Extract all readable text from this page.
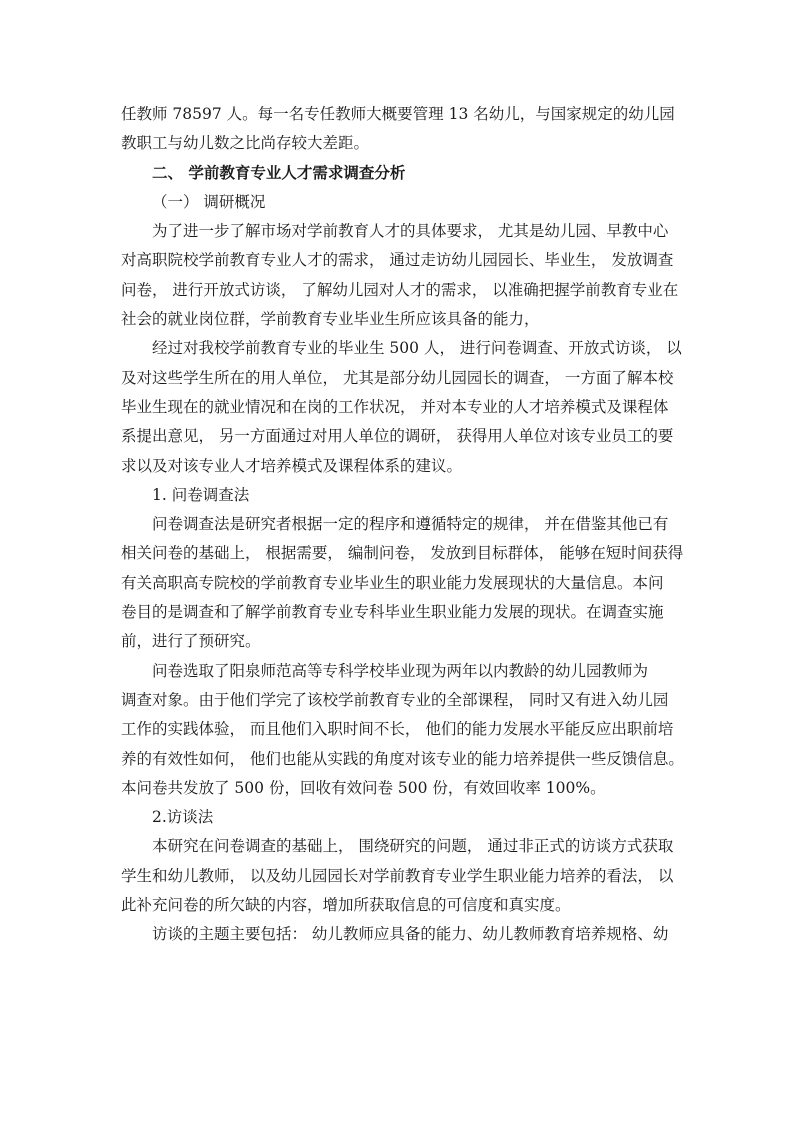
任教师 78597 人。每一名专任教师大概要管理 13 名幼儿，与国家规定的幼儿园
教职工与幼儿数之比尚存较大差距。
二、 学前教育专业人才需求调查分析
（一） 调研概况
为了进一步了解市场对学前教育人才的具体要求， 尤其是幼儿园、早教中心
对高职院校学前教育专业人才的需求， 通过走访幼儿园园长、毕业生， 发放调查
问卷， 进行开放式访谈， 了解幼儿园对人才的需求， 以准确把握学前教育专业在
社会的就业岗位群，学前教育专业毕业生所应该具备的能力，
经过对我校学前教育专业的毕业生 500 人， 进行问卷调查、开放式访谈， 以
及对这些学生所在的用人单位， 尤其是部分幼儿园园长的调查， 一方面了解本校
毕业生现在的就业情况和在岗的工作状况， 并对本专业的人才培养模式及课程体
系提出意见， 另一方面通过对用人单位的调研， 获得用人单位对该专业员工的要
求以及对该专业人才培养模式及课程体系的建议。
1. 问卷调查法
问卷调查法是研究者根据一定的程序和遵循特定的规律， 并在借鉴其他已有
相关问卷的基础上， 根据需要， 编制问卷， 发放到目标群体， 能够在短时间获得
有关高职高专院校的学前教育专业毕业生的职业能力发展现状的大量信息。本问
卷目的是调查和了解学前教育专业专科毕业生职业能力发展的现状。在调查实施
前，进行了预研究。
问卷选取了阳泉师范高等专科学校毕业现为两年以内教龄的幼儿园教师为
调查对象。由于他们学完了该校学前教育专业的全部课程， 同时又有进入幼儿园
工作的实践体验， 而且他们入职时间不长， 他们的能力发展水平能反应出职前培
养的有效性如何， 他们也能从实践的角度对该专业的能力培养提供一些反馈信息。
本问卷共发放了 500 份，回收有效问卷 500 份，有效回收率 100%。
2.访谈法
本研究在问卷调查的基础上， 围绕研究的问题， 通过非正式的访谈方式获取
学生和幼儿教师， 以及幼儿园园长对学前教育专业学生职业能力培养的看法， 以
此补充问卷的所欠缺的内容，增加所获取信息的可信度和真实度。
访谈的主题主要包括： 幼儿教师应具备的能力、幼儿教师教育培养规格、幼
